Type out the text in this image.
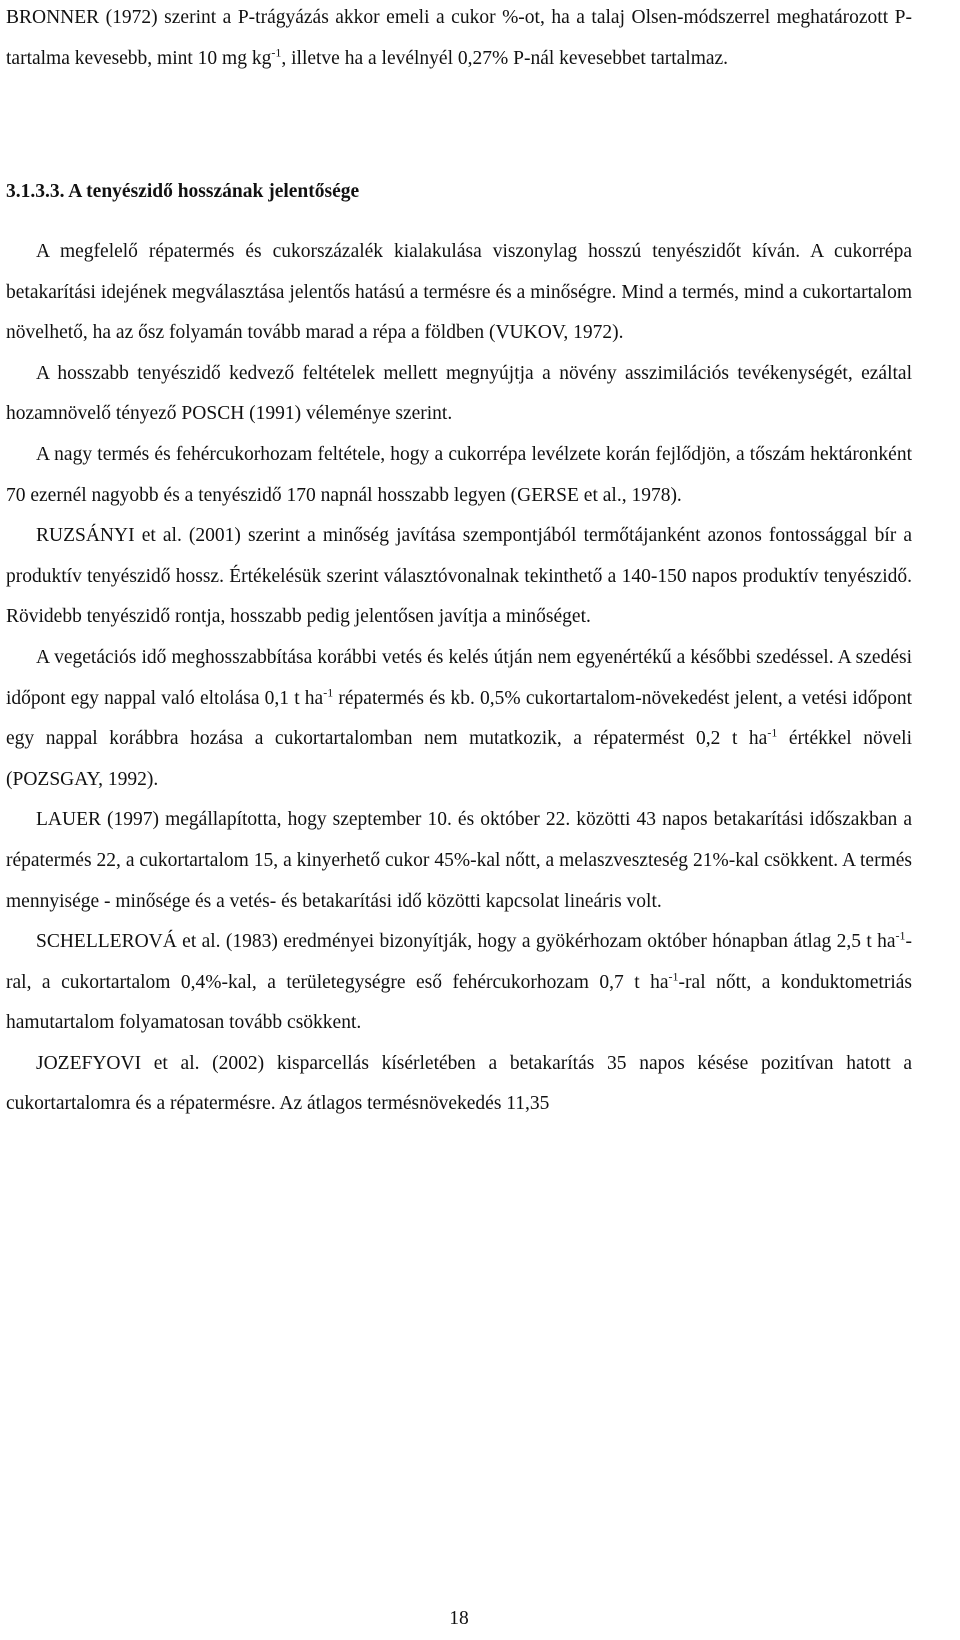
BRONNER (1972) szerint a P-trágyázás akkor emeli a cukor %-ot, ha a talaj Olsen-módszerrel meghatározott P-tartalma kevesebb, mint 10 mg $kg^{-1}$, illetve ha a levélnyél 0,27% P-nál kevesebbet tartalmaz.

3.1.3.3. A tenyészidő hosszának jelentősége

A megfelelő répatermés és cukorszázalék kialakulása viszonylag hosszú tenyészidőt kíván. A cukorrépa betakarítási idejének megválasztása jelentős hatású a termésre és a minőségre. Mind a termés, mind a cukortartalom növelhető, ha az ősz folyamán tovább marad a répa a földben (VUKOV, 1972).

A hosszabb tenyészidő kedvező feltételek mellett megnyújtja a növény asszimilációs tevékenységét, ezáltal hozamnövelő tényező POSCH (1991) véleménye szerint.

A nagy termés és fehércukorhozam feltétele, hogy a cukorrépa levélzete korán fejlődjön, a tőszám hektáronként 70 ezernél nagyobb és a tenyészidő 170 napnál hosszabb legyen (GERSE et al., 1978).

RUZSÁNYI et al. (2001) szerint a minőség javítása szempontjából termőtájanként azonos fontossággal bír a produktív tenyészidő hossz. Értékelésük szerint választóvonalnak tekinthető a 140-150 napos produktív tenyészidő. Rövidebb tenyészidő rontja, hosszabb pedig jelentősen javítja a minőséget.

A vegetációs idő meghosszabbítása korábbi vetés és kelés útján nem egyenértékű a későbbi szedéssel. A szedési időpont egy nappal való eltolása 0,1 t $ha^{-1}$ répatermés és kb. 0,5% cukortartalom-növekedést jelent, a vetési időpont egy nappal korábbra hozása a cukortartalomban nem mutatkozik, a répatermést 0,2 t $ha^{-1}$ értékkel növeli (POZSGAY, 1992).

LAUER (1997) megállapította, hogy szeptember 10. és október 22. közötti 43 napos betakarítási időszakban a répatermés 22, a cukortartalom 15, a kinyerhető cukor 45%-kal nőtt, a melaszveszteség 21%-kal csökkent. A termés mennyisége - minősége és a vetés- és betakarítási idő közötti kapcsolat lineáris volt.

SCHELLEROVÁ et al. (1983) eredményei bizonyítják, hogy a gyökérhozam október hónapban átlag 2,5 t $ha^{-1}$-ral, a cukortartalom 0,4%-kal, a területegységre eső fehércukorhozam 0,7 t $ha^{-1}$-ral nőtt, a konduktometriás hamutartalom folyamatosan tovább csökkent.

JOZEFYOVI et al. (2002) kisparcellás kísérletében a betakarítás 35 napos késése pozitívan hatott a cukortartalomra és a répatermésre. Az átlagos termésnövekedés 11,35

18
